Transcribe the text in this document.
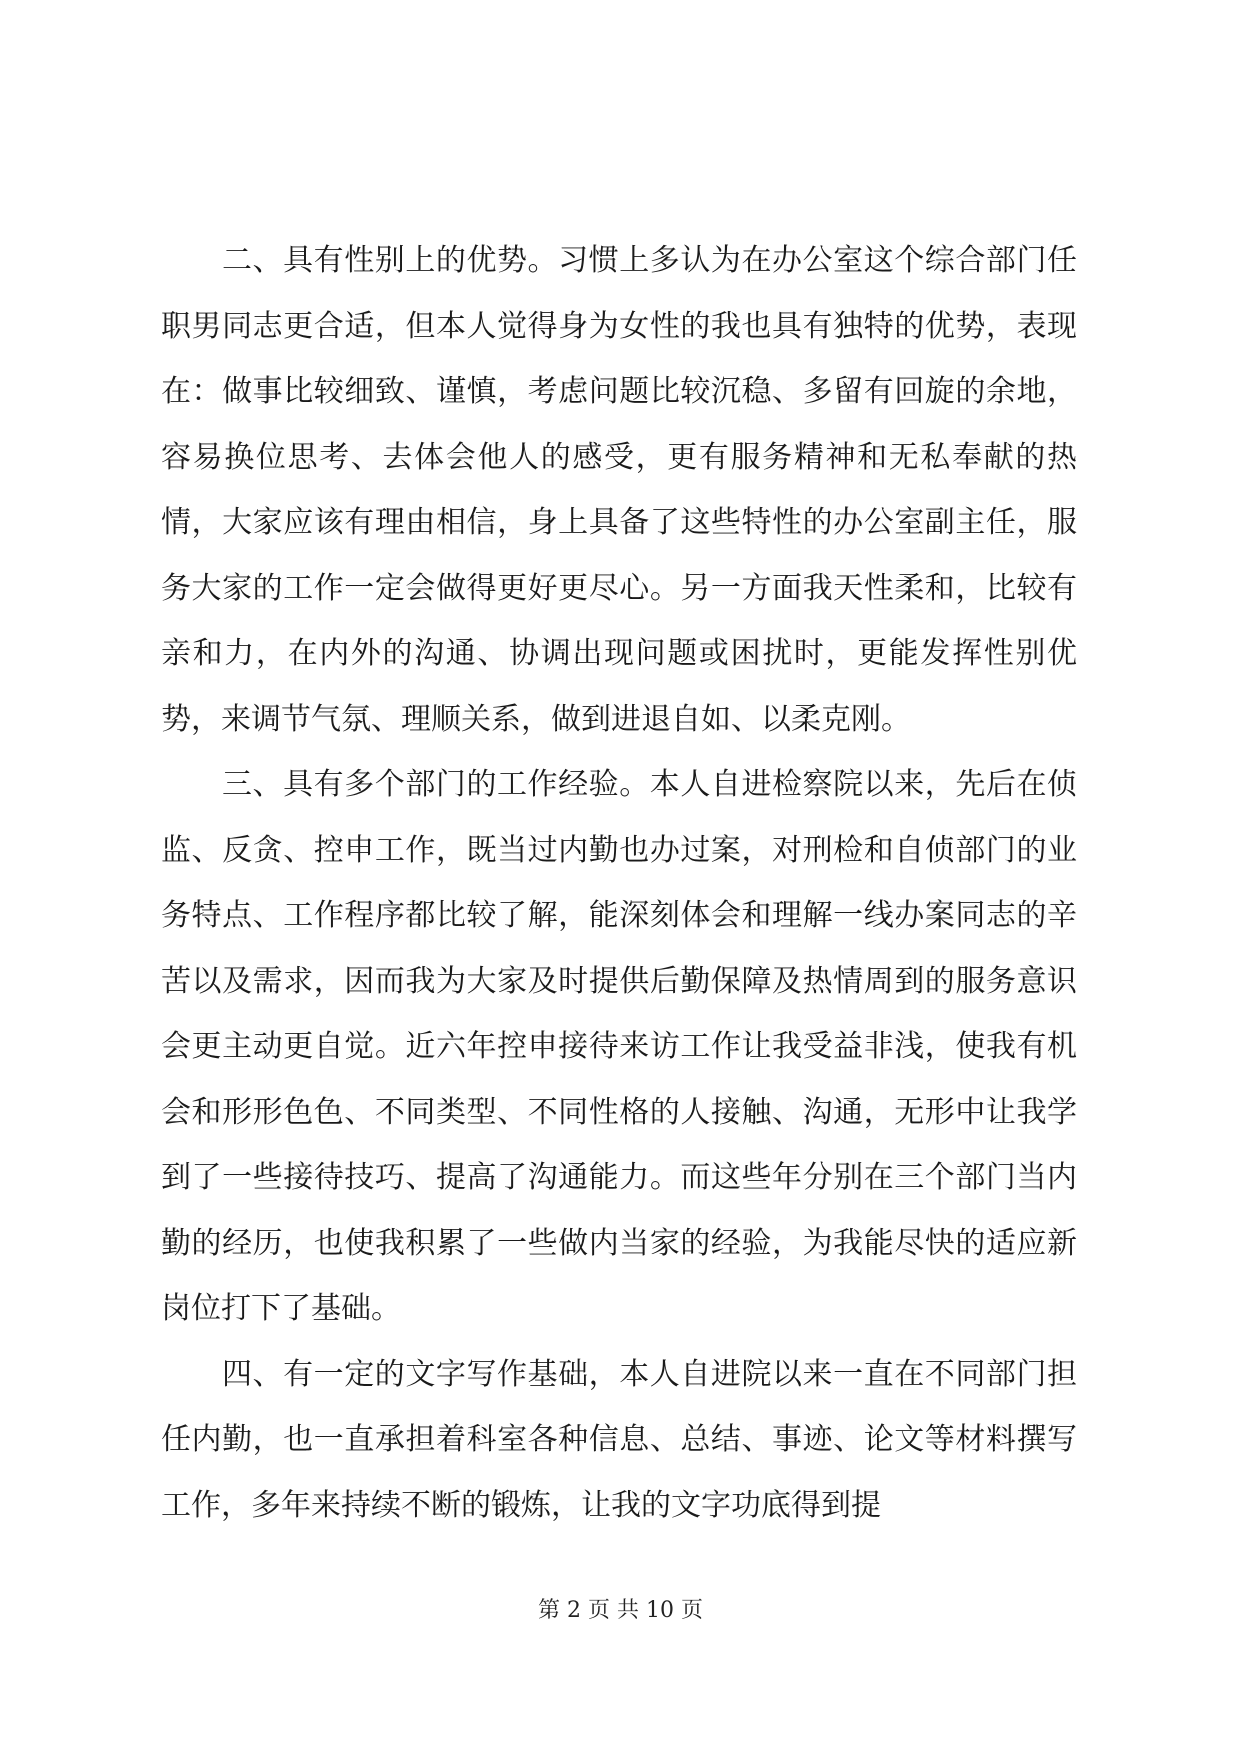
二、具有性别上的优势。习惯上多认为在办公室这个综合部门任职男同志更合适，但本人觉得身为女性的我也具有独特的优势，表现在：做事比较细致、谨慎，考虑问题比较沉稳、多留有回旋的余地，容易换位思考、去体会他人的感受，更有服务精神和无私奉献的热情，大家应该有理由相信，身上具备了这些特性的办公室副主任，服务大家的工作一定会做得更好更尽心。另一方面我天性柔和，比较有亲和力，在内外的沟通、协调出现问题或困扰时，更能发挥性别优势，来调节气氛、理顺关系，做到进退自如、以柔克刚。

三、具有多个部门的工作经验。本人自进检察院以来，先后在侦监、反贪、控申工作，既当过内勤也办过案，对刑检和自侦部门的业务特点、工作程序都比较了解，能深刻体会和理解一线办案同志的辛苦以及需求，因而我为大家及时提供后勤保障及热情周到的服务意识会更主动更自觉。近六年控申接待来访工作让我受益非浅，使我有机会和形形色色、不同类型、不同性格的人接触、沟通，无形中让我学到了一些接待技巧、提高了沟通能力。而这些年分别在三个部门当内勤的经历，也使我积累了一些做内当家的经验，为我能尽快的适应新岗位打下了基础。

四、有一定的文字写作基础，本人自进院以来一直在不同部门担任内勤，也一直承担着科室各种信息、总结、事迹、论文等材料撰写工作，多年来持续不断的锻炼，让我的文字功底得到提

第 2 页 共 10 页
